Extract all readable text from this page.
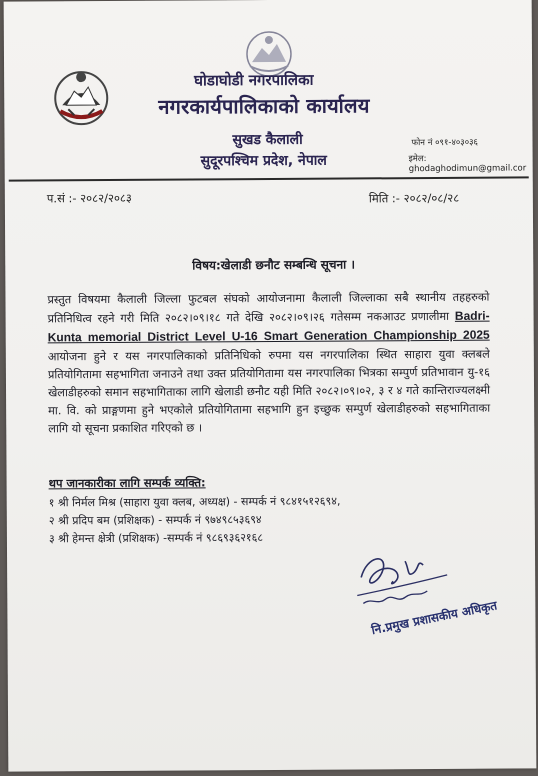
घोडाघोडी नगरपालिका
नगरकार्यपालिकाको कार्यालय
सुखड कैलाली
सुदूरपश्चिम प्रदेश, नेपाल
फोन नं ०९१-४०३०३६
इमेल: ghodaghodimun@gmail.cor
प.सं :- २०८२/२०८३	मिति :- २०८२/०८/२८
विषय:खेलाडी छनौट सम्बन्धि सूचना ।
प्रस्तुत विषयमा कैलाली जिल्ला फुटबल संघको आयोजनामा कैलाली जिल्लाका सबै स्थानीय तहहरुको प्रतिनिधित्व रहने गरी मिति २०८२।०९।१८ गते देखि २०८२।०९।२६ गतेसम्म नकआउट प्रणालीमा Badri-Kunta memorial District Level U-16 Smart Generation Championship 2025 आयोजना हुने र यस नगरपालिकाको प्रतिनिधिको रुपमा यस नगरपालिका स्थित साहारा युवा क्लबले प्रतियोगितामा सहभागिता जनाउने तथा उक्त प्रतियोगितामा यस नगरपालिका भित्रका सम्पुर्ण प्रतिभावान यु-१६ खेलाडीहरुको समान सहभागिताका लागि खेलाडी छनौट यही मिति २०८२।०९।०२, ३ र ४ गते कान्तिराज्यलक्ष्मी मा. वि. को प्राङ्गणमा हुने भएकोले प्रतियोगितामा सहभागि हुन इच्छुक सम्पुर्ण खेलाडीहरुको सहभागिताका लागि यो सूचना प्रकाशित गरिएको छ ।
थप जानकारीका लागि सम्पर्क व्यक्ति:
१ श्री निर्मल मिश्र (साहारा युवा क्लब, अध्यक्ष) - सम्पर्क नं ९८४१५१२६९४,
२ श्री प्रदिप बम (प्रशिक्षक) - सम्पर्क नं ९७४९८५३६९४
३ श्री हेमन्त क्षेत्री (प्रशिक्षक) -सम्पर्क नं ९८६९३६२१६८
नि.प्रमुख प्रशासकीय अधिकृत
